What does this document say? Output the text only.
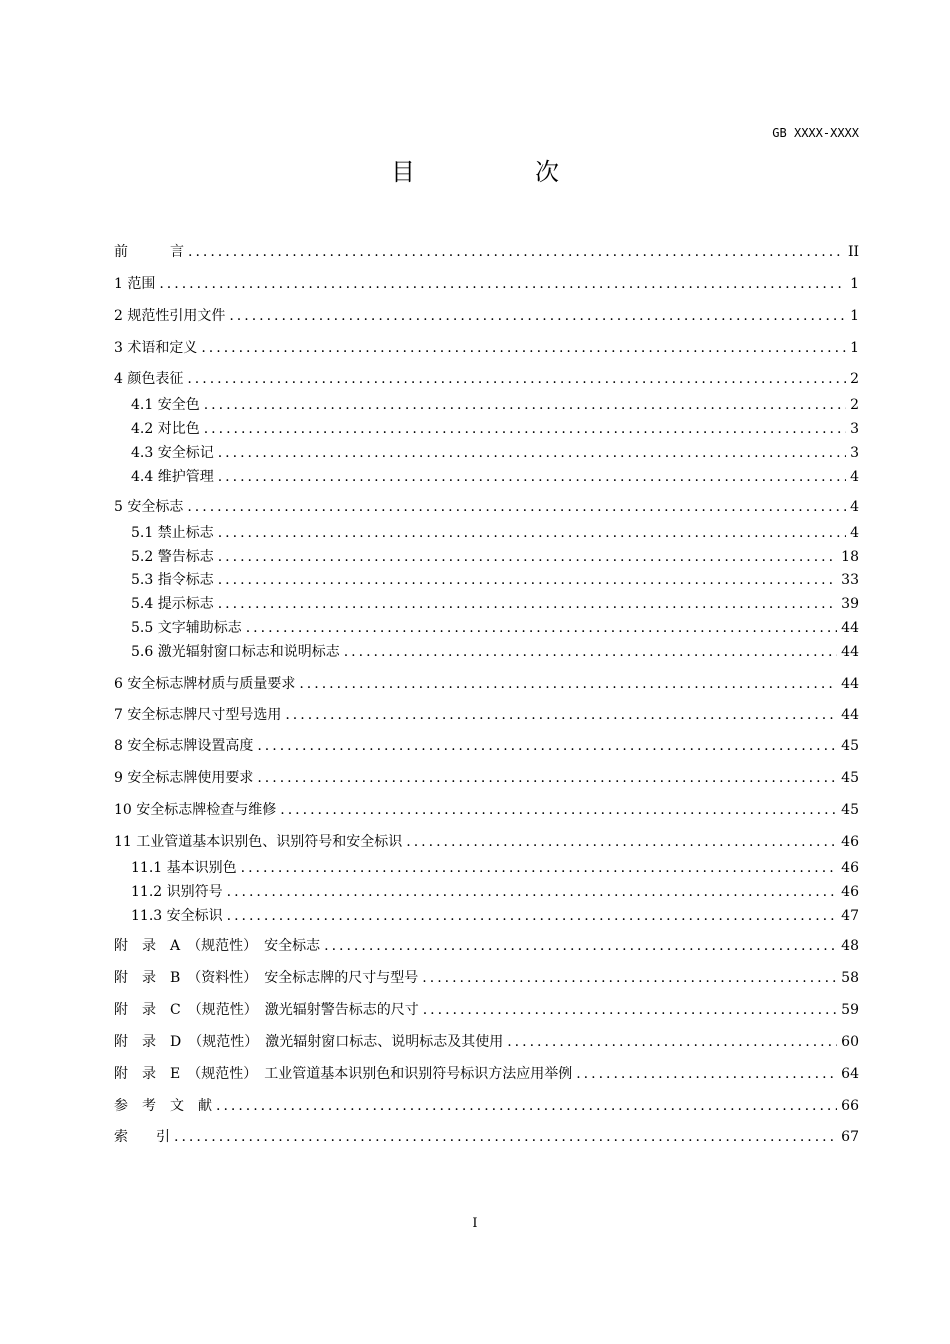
GB XXXX-XXXX
目　次
前　　　言 .....	II
1 范围 .....	1
2 规范性引用文件 .....	1
3 术语和定义 .....	1
4 颜色表征 .....	2
4.1 安全色 .....	2
4.2 对比色 .....	3
4.3 安全标记 .....	3
4.4 维护管理 .....	4
5 安全标志 .....	4
5.1 禁止标志 .....	4
5.2 警告标志 .....	18
5.3 指令标志 .....	33
5.4 提示标志 .....	39
5.5 文字辅助标志 .....	44
5.6 激光辐射窗口标志和说明标志 .....	44
6 安全标志牌材质与质量要求 .....	44
7 安全标志牌尺寸型号选用 .....	44
8 安全标志牌设置高度 .....	45
9 安全标志牌使用要求 .....	45
10 安全标志牌检查与维修 .....	45
11 工业管道基本识别色、识别符号和安全标识 .....	46
11.1 基本识别色 .....	46
11.2 识别符号 .....	46
11.3 安全标识 .....	47
附　录　A　（规范性）　安全标志 .....	48
附　录　B　（资料性）　安全标志牌的尺寸与型号 .....	58
附　录　C　（规范性）　激光辐射警告标志的尺寸 .....	59
附　录　D　（规范性）　激光辐射窗口标志、说明标志及其使用 .....	60
附　录　E　（规范性）　工业管道基本识别色和识别符号标识方法应用举例 .....	64
参　考　文　献 .....	66
索　　引 .....	67
I
